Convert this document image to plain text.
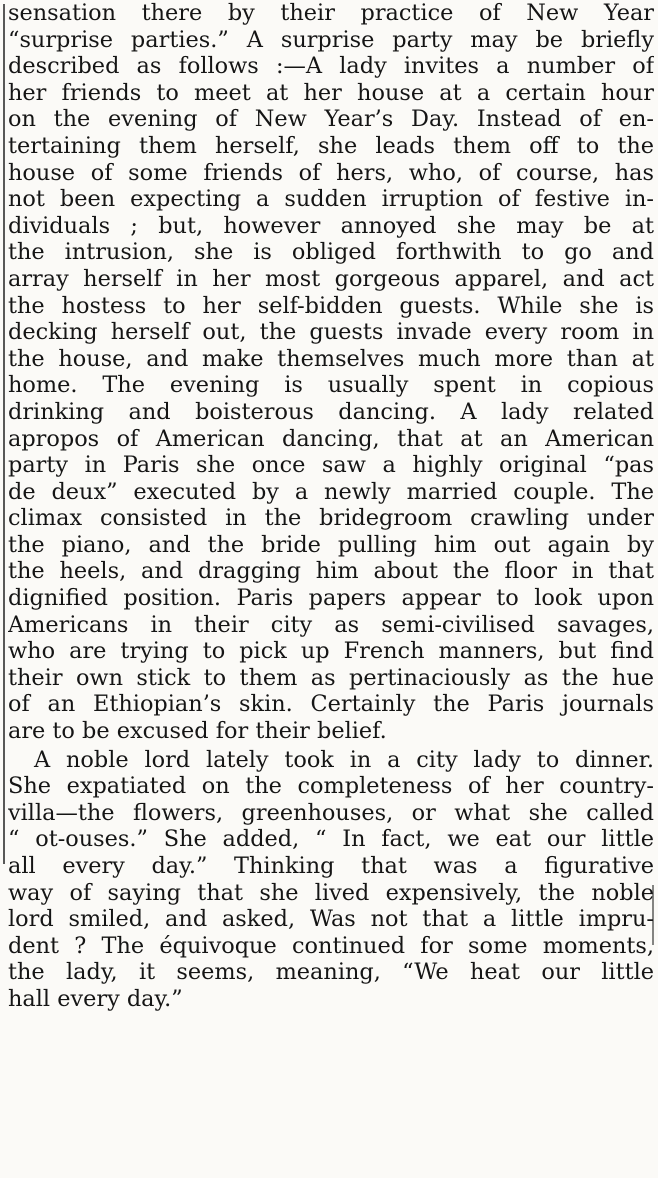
sensation there by their practice of New Year
“surprise parties.” A surprise party may be briefly
described as follows :—A lady invites a number of
her friends to meet at her house at a certain hour
on the evening of New Year’s Day. Instead of en-
tertaining them herself, she leads them off to the
house of some friends of hers, who, of course, has
not been expecting a sudden irruption of festive in-
dividuals ; but, however annoyed she may be at
the intrusion, she is obliged forthwith to go and
array herself in her most gorgeous apparel, and act
the hostess to her self-bidden guests. While she is
decking herself out, the guests invade every room in
the house, and make themselves much more than at
home. The evening is usually spent in copious
drinking and boisterous dancing. A lady related
apropos of American dancing, that at an American
party in Paris she once saw a highly original “pas
de deux” executed by a newly married couple. The
climax consisted in the bridegroom crawling under
the piano, and the bride pulling him out again by
the heels, and dragging him about the floor in that
dignified position. Paris papers appear to look upon
Americans in their city as semi-civilised savages,
who are trying to pick up French manners, but find
their own stick to them as pertinaciously as the hue
of an Ethiopian’s skin. Certainly the Paris journals
are to be excused for their belief.
A noble lord lately took in a city lady to dinner.
She expatiated on the completeness of her country-
villa—the flowers, greenhouses, or what she called
“ ot-ouses.” She added, “ In fact, we eat our little
all every day.” Thinking that was a figurative
way of saying that she lived expensively, the noble
lord smiled, and asked, Was not that a little impru-
dent ? The équivoque continued for some moments,
the lady, it seems, meaning, “We heat our little
hall every day.”
